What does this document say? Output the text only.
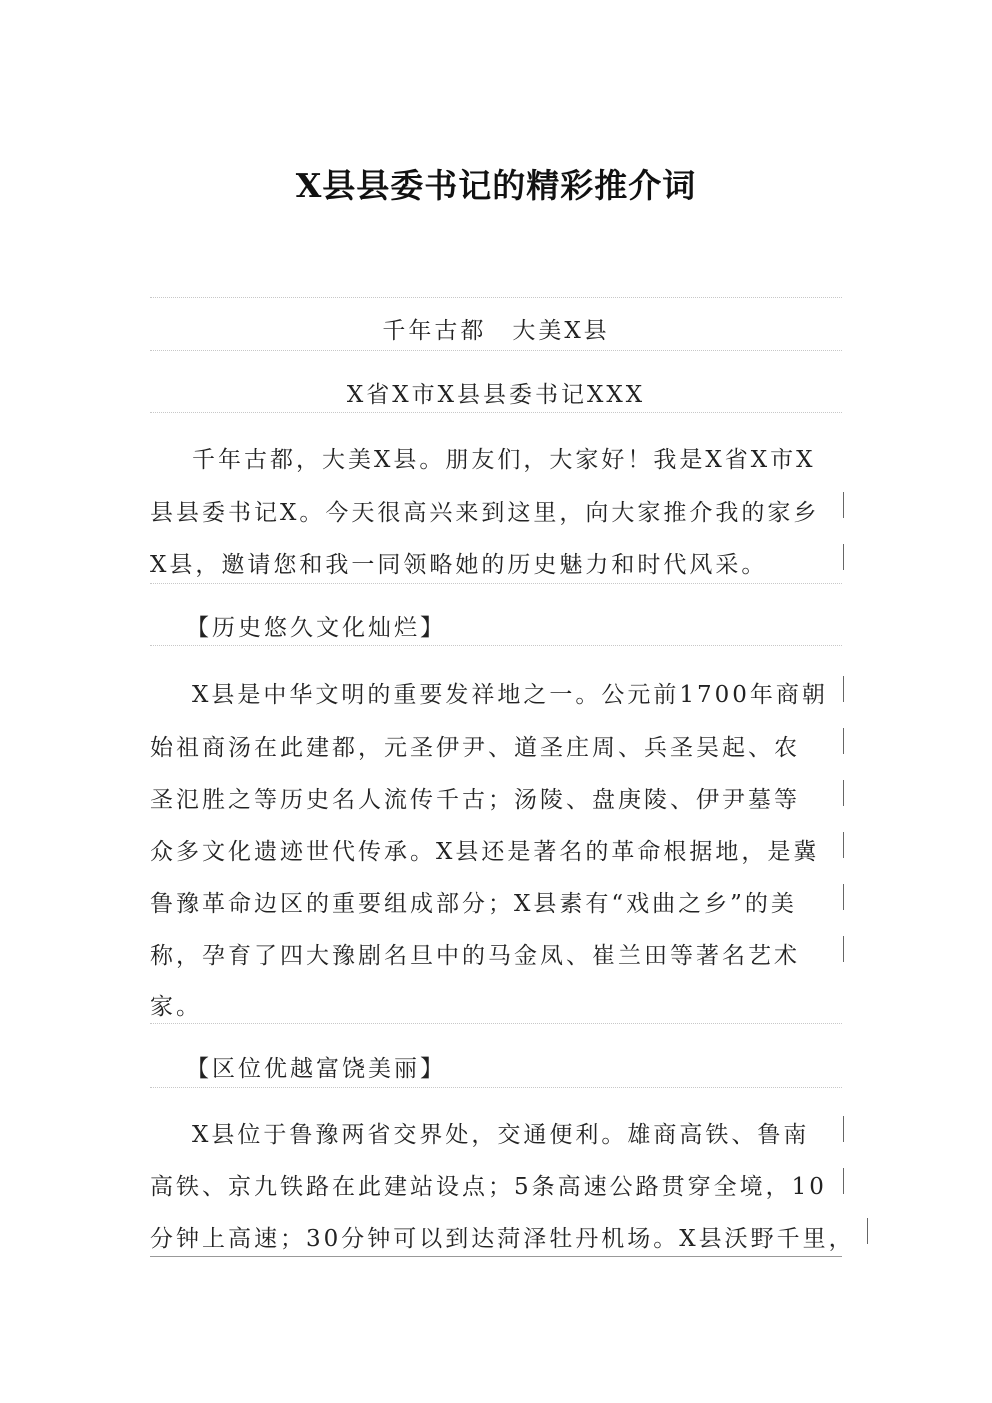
X县县委书记的精彩推介词

千年古都　大美X县

X省X市X县县委书记XXX

千年古都，大美X县。朋友们，大家好！我是X省X市X

县县委书记X。今天很高兴来到这里，向大家推介我的家乡

X县，邀请您和我一同领略她的历史魅力和时代风采。

【历史悠久文化灿烂】

X县是中华文明的重要发祥地之一。公元前1700年商朝

始祖商汤在此建都，元圣伊尹、道圣庄周、兵圣吴起、农

圣氾胜之等历史名人流传千古；汤陵、盘庚陵、伊尹墓等

众多文化遗迹世代传承。X县还是著名的革命根据地，是冀

鲁豫革命边区的重要组成部分；X县素有“戏曲之乡”的美

称，孕育了四大豫剧名旦中的马金凤、崔兰田等著名艺术

家。

【区位优越富饶美丽】

X县位于鲁豫两省交界处，交通便利。雄商高铁、鲁南

高铁、京九铁路在此建站设点；5条高速公路贯穿全境，10

分钟上高速；30分钟可以到达菏泽牡丹机场。X县沃野千里，
